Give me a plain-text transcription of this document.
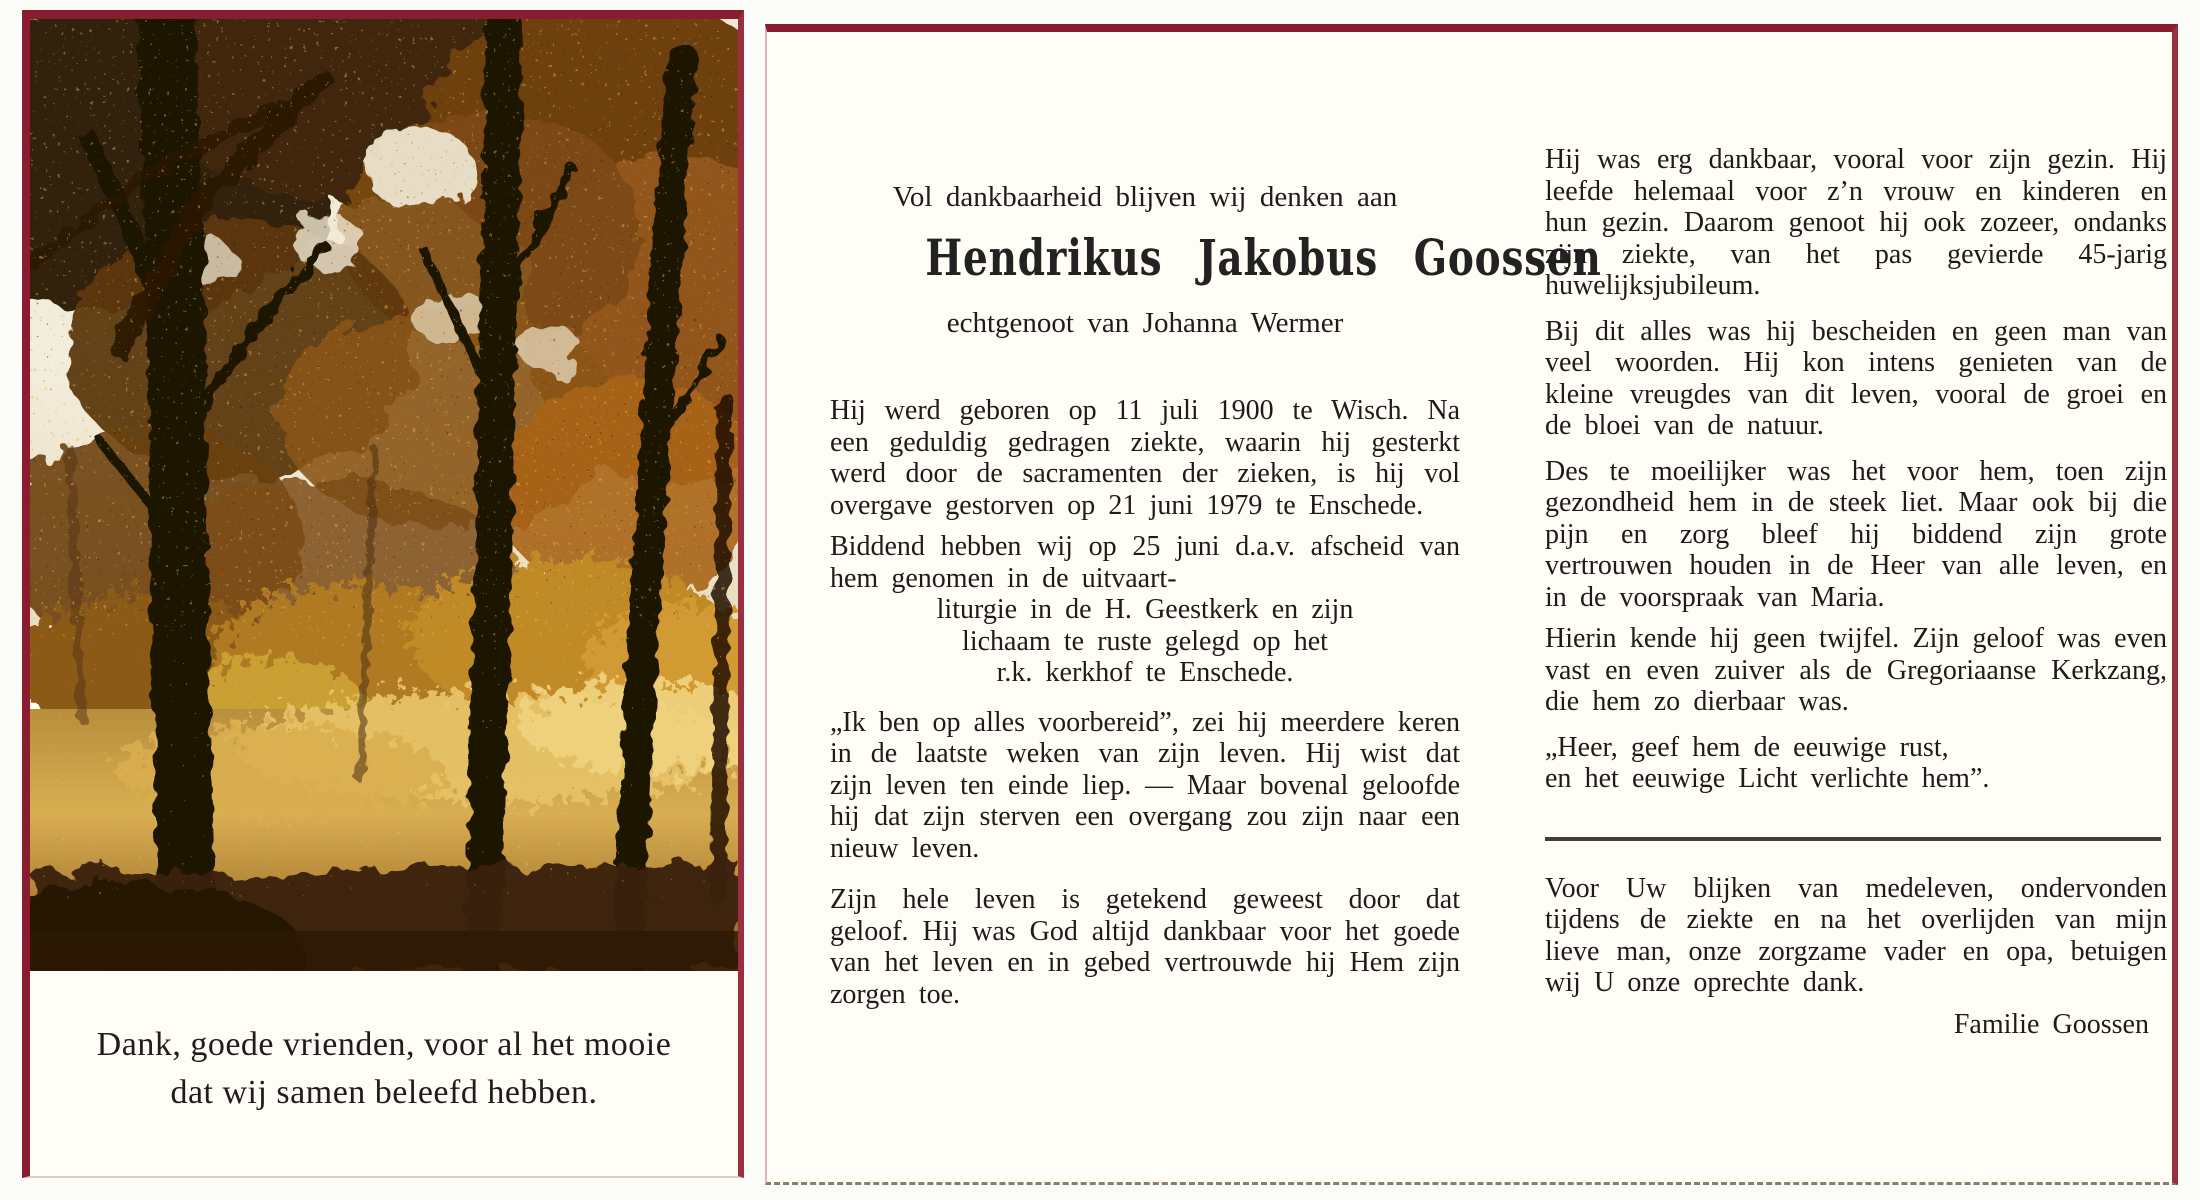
Dank, goede vrienden, voor al het mooie
dat wij samen beleefd hebben.
Vol dankbaarheid blijven wij denken aan
Hendrikus Jakobus Goossen
echtgenoot van Johanna Wermer
Hij werd geboren op 11 juli 1900 te Wisch. Na een geduldig gedragen ziekte, waarin hij gesterkt werd door de sacramenten der zieken, is hij vol overgave gestorven op 21 juni 1979 te Enschede.
Biddend hebben wij op 25 juni d.a.v. afscheid van hem genomen in de uitvaart-
liturgie in de H. Geestkerk en zijn
lichaam te ruste gelegd op het
r.k. kerkhof te Enschede.
„Ik ben op alles voorbereid”, zei hij meerdere keren in de laatste weken van zijn leven. Hij wist dat zijn leven ten einde liep. — Maar bovenal geloofde hij dat zijn sterven een overgang zou zijn naar een nieuw leven.
Zijn hele leven is getekend geweest door dat geloof. Hij was God altijd dankbaar voor het goede van het leven en in gebed vertrouwde hij Hem zijn zorgen toe.
Hij was erg dankbaar, vooral voor zijn gezin. Hij leefde helemaal voor z’n vrouw en kinderen en hun gezin. Daarom genoot hij ook zozeer, ondanks zijn ziekte, van het pas gevierde 45-jarig huwelijksjubileum.
Bij dit alles was hij bescheiden en geen man van veel woorden. Hij kon intens genieten van de kleine vreugdes van dit leven, vooral de groei en de bloei van de natuur.
Des te moeilijker was het voor hem, toen zijn gezondheid hem in de steek liet. Maar ook bij die pijn en zorg bleef hij biddend zijn grote vertrouwen houden in de Heer van alle leven, en in de voorspraak van Maria.
Hierin kende hij geen twijfel. Zijn geloof was even vast en even zuiver als de Gregoriaanse Kerkzang, die hem zo dierbaar was.
„Heer, geef hem de eeuwige rust,
en het eeuwige Licht verlichte hem”.
Voor Uw blijken van medeleven, ondervonden tijdens de ziekte en na het overlijden van mijn lieve man, onze zorgzame vader en opa, betuigen wij U onze oprechte dank.
Familie Goossen
